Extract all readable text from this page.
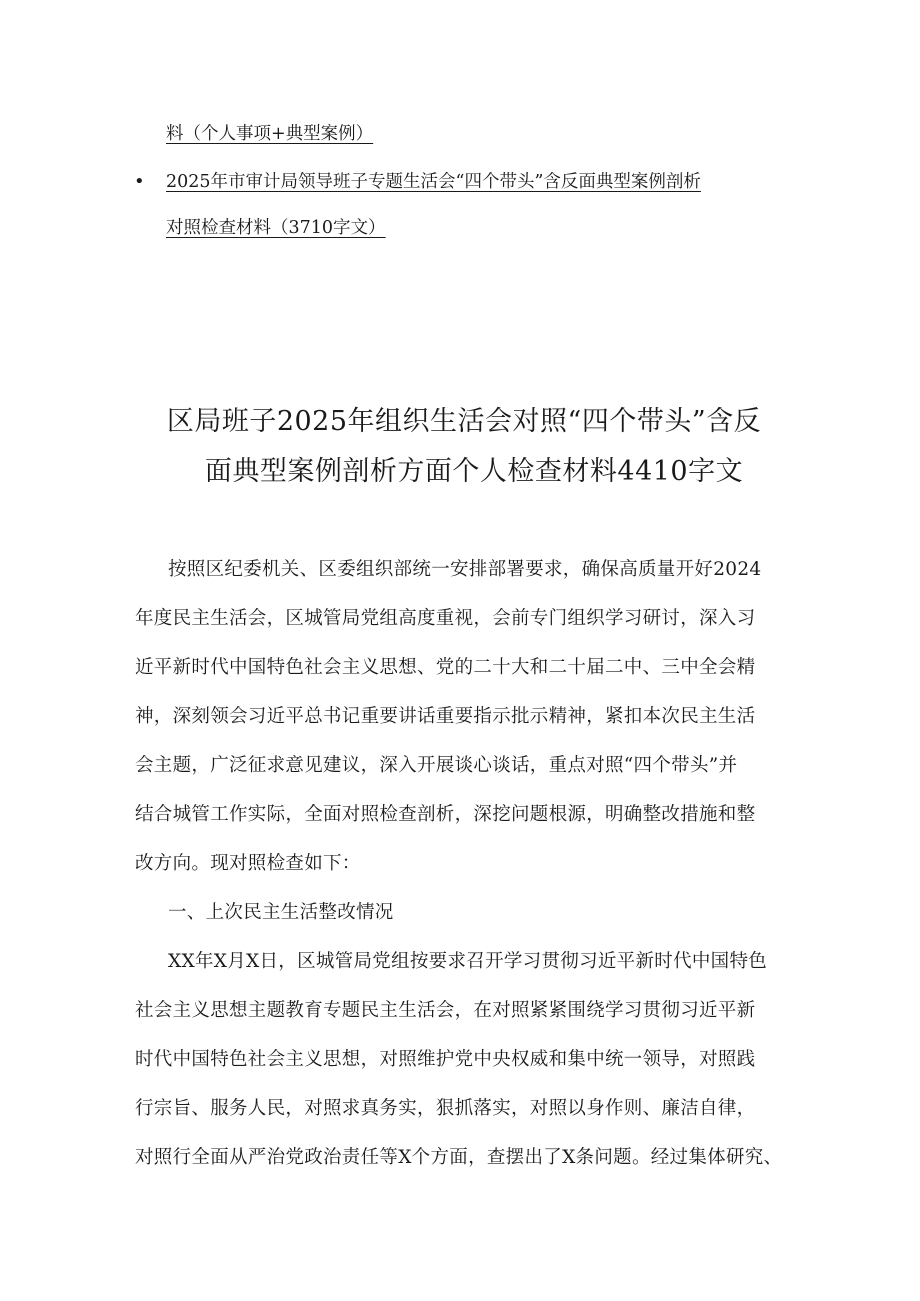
料（个人事项+典型案例）
• 2025年市审计局领导班子专题生活会“四个带头”含反面典型案例剖析
对照检查材料（3710字文）
区局班子2025年组织生活会对照“四个带头”含反
面典型案例剖析方面个人检查材料4410字文
按照区纪委机关、区委组织部统一安排部署要求，确保高质量开好2024
年度民主生活会，区城管局党组高度重视，会前专门组织学习研讨，深入习
近平新时代中国特色社会主义思想、党的二十大和二十届二中、三中全会精
神，深刻领会习近平总书记重要讲话重要指示批示精神，紧扣本次民主生活
会主题，广泛征求意见建议，深入开展谈心谈话，重点对照“四个带头”并
结合城管工作实际，全面对照检查剖析，深挖问题根源，明确整改措施和整
改方向。现对照检查如下：
一、上次民主生活整改情况
XX年X月X日，区城管局党组按要求召开学习贯彻习近平新时代中国特色
社会主义思想主题教育专题民主生活会，在对照紧紧围绕学习贯彻习近平新
时代中国特色社会主义思想，对照维护党中央权威和集中统一领导，对照践
行宗旨、服务人民，对照求真务实，狠抓落实，对照以身作则、廉洁自律，
对照行全面从严治党政治责任等X个方面，查摆出了X条问题。经过集体研究、
